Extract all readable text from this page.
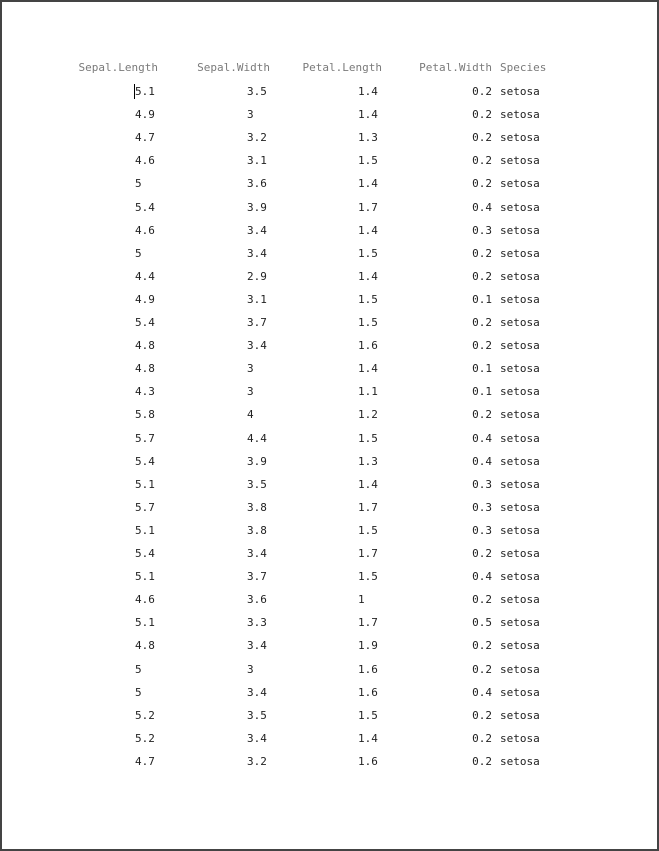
Sepal.Length	Sepal.Width	Petal.Length	Petal.Width Species
5.1	3.5	1.4	0.2 setosa
4.9	3	1.4	0.2 setosa
4.7	3.2	1.3	0.2 setosa
4.6	3.1	1.5	0.2 setosa
5	3.6	1.4	0.2 setosa
5.4	3.9	1.7	0.4 setosa
4.6	3.4	1.4	0.3 setosa
5	3.4	1.5	0.2 setosa
4.4	2.9	1.4	0.2 setosa
4.9	3.1	1.5	0.1 setosa
5.4	3.7	1.5	0.2 setosa
4.8	3.4	1.6	0.2 setosa
4.8	3	1.4	0.1 setosa
4.3	3	1.1	0.1 setosa
5.8	4	1.2	0.2 setosa
5.7	4.4	1.5	0.4 setosa
5.4	3.9	1.3	0.4 setosa
5.1	3.5	1.4	0.3 setosa
5.7	3.8	1.7	0.3 setosa
5.1	3.8	1.5	0.3 setosa
5.4	3.4	1.7	0.2 setosa
5.1	3.7	1.5	0.4 setosa
4.6	3.6	1	0.2 setosa
5.1	3.3	1.7	0.5 setosa
4.8	3.4	1.9	0.2 setosa
5	3	1.6	0.2 setosa
5	3.4	1.6	0.4 setosa
5.2	3.5	1.5	0.2 setosa
5.2	3.4	1.4	0.2 setosa
4.7	3.2	1.6	0.2 setosa
